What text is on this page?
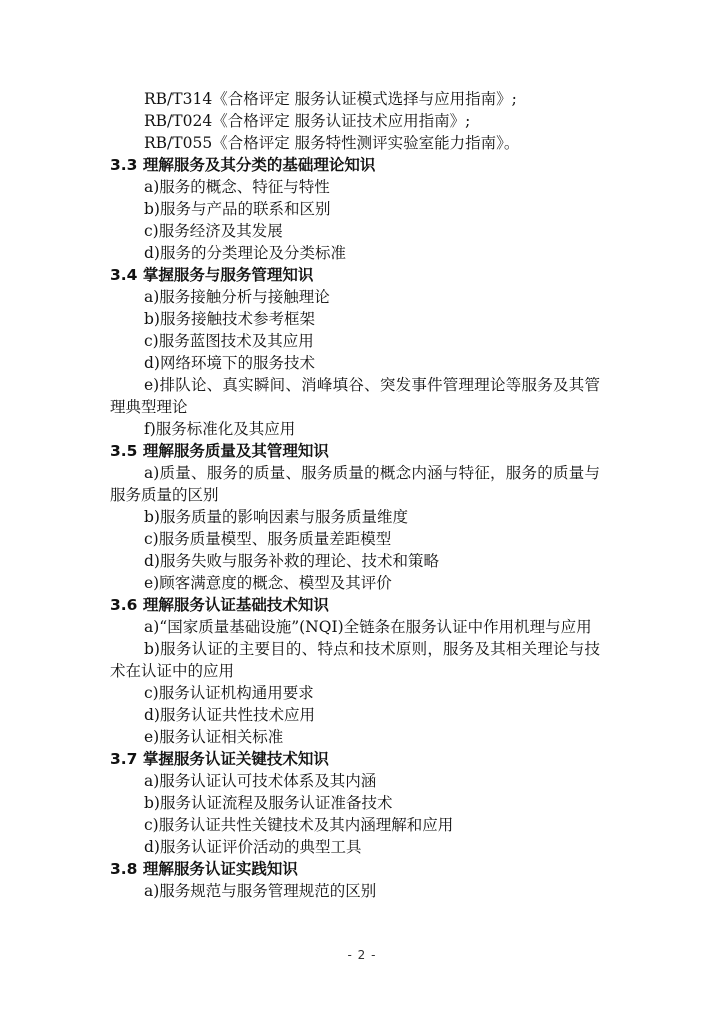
RB/T314《合格评定 服务认证模式选择与应用指南》;
RB/T024《合格评定 服务认证技术应用指南》;
RB/T055《合格评定 服务特性测评实验室能力指南》。
3.3 理解服务及其分类的基础理论知识
a)服务的概念、特征与特性
b)服务与产品的联系和区别
c)服务经济及其发展
d)服务的分类理论及分类标准
3.4 掌握服务与服务管理知识
a)服务接触分析与接触理论
b)服务接触技术参考框架
c)服务蓝图技术及其应用
d)网络环境下的服务技术
e)排队论、真实瞬间、消峰填谷、突发事件管理理论等服务及其管理典型理论
f)服务标准化及其应用
3.5 理解服务质量及其管理知识
a)质量、服务的质量、服务质量的概念内涵与特征，服务的质量与服务质量的区别
b)服务质量的影响因素与服务质量维度
c)服务质量模型、服务质量差距模型
d)服务失败与服务补救的理论、技术和策略
e)顾客满意度的概念、模型及其评价
3.6 理解服务认证基础技术知识
a)“国家质量基础设施”(NQI)全链条在服务认证中作用机理与应用
b)服务认证的主要目的、特点和技术原则，服务及其相关理论与技术在认证中的应用
c)服务认证机构通用要求
d)服务认证共性技术应用
e)服务认证相关标准
3.7 掌握服务认证关键技术知识
a)服务认证认可技术体系及其内涵
b)服务认证流程及服务认证准备技术
c)服务认证共性关键技术及其内涵理解和应用
d)服务认证评价活动的典型工具
3.8 理解服务认证实践知识
a)服务规范与服务管理规范的区别
- 2 -
